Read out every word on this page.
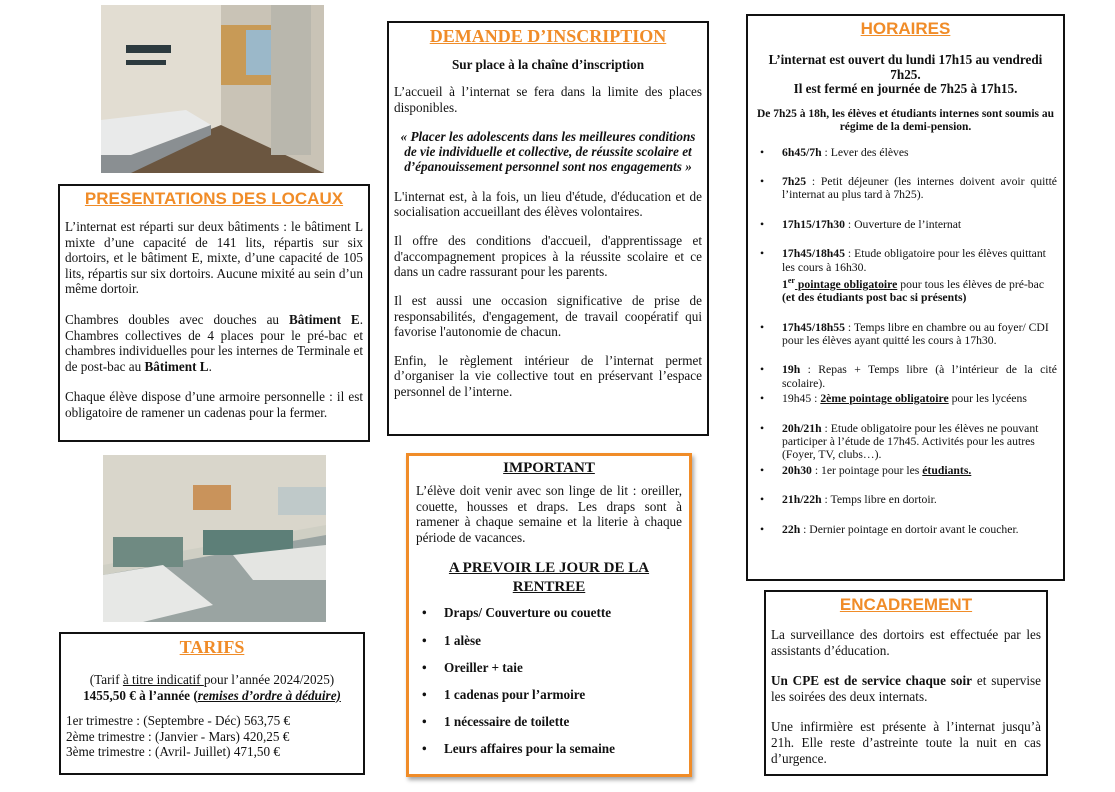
PRESENTATIONS DES LOCAUX

L’internat est réparti sur deux bâtiments : le bâtiment L mixte d’une capacité de 141 lits, répartis sur six dortoirs, et le bâtiment E, mixte, d’une capacité de 105 lits, répartis sur six dortoirs. Aucune mixité au sein d’un même dortoir.

Chambres doubles avec douches au Bâtiment E. Chambres collectives de 4 places pour le pré-bac et chambres individuelles pour les internes de Terminale et de post-bac au Bâtiment L.

Chaque élève dispose d’une armoire personnelle : il est obligatoire de ramener un cadenas pour la fermer.

TARIFS

(Tarif à titre indicatif pour l’année 2024/2025)

1455,50 € à l’année (remises d’ordre à déduire)

1er trimestre : (Septembre - Déc) 563,75 €

2ème trimestre : (Janvier - Mars) 420,25 €

3ème trimestre : (Avril- Juillet) 471,50 €

DEMANDE D’INSCRIPTION

Sur place à la chaîne d’inscription

L’accueil à l’internat se fera dans la limite des places disponibles.

« Placer les adolescents dans les meilleures conditions de vie individuelle et collective, de réussite scolaire et d’épanouissement personnel sont nos engagements »

L'internat est, à la fois, un lieu d'étude, d'éducation et de socialisation accueillant des élèves volontaires.

Il offre des conditions d'accueil, d'apprentissage et d'accompagnement propices à la réussite scolaire et ce dans un cadre rassurant pour les parents.

Il est aussi une occasion significative de prise de responsabilités, d'engagement, de travail coopératif qui favorise l'autonomie de chacun.

Enfin, le règlement intérieur de l’internat permet d’organiser la vie collective tout en préservant l’espace personnel de l’interne.

IMPORTANT

L’élève doit venir avec son linge de lit : oreiller, couette, housses et draps. Les draps sont à ramener à chaque semaine et la literie à chaque période de vacances.

A PREVOIR LE JOUR DE LA RENTREE
• Draps/ Couverture ou couette
• 1 alèse
• Oreiller + taie
• 1 cadenas pour l’armoire
• 1 nécessaire de toilette
• Leurs affaires pour la semaine
HORAIRES

L’internat est ouvert du lundi 17h15 au vendredi 7h25.

Il est fermé en journée de 7h25 à 17h15.

De 7h25 à 18h, les élèves et étudiants internes sont soumis au régime de la demi-pension.

• 6h45/7h : Lever des élèves
• 7h25 : Petit déjeuner (les internes doivent avoir quitté l’internat au plus tard à 7h25).
• 17h15/17h30 : Ouverture de l’internat
• 17h45/18h45 : Etude obligatoire pour les élèves quittant les cours à 16h30.
1er pointage obligatoire pour tous les élèves de pré-bac (et des étudiants post bac si présents)
• 17h45/18h55 : Temps libre en chambre ou au foyer/ CDI pour les élèves ayant quitté les cours à 17h30.
• 19h : Repas + Temps libre (à l’intérieur de la cité scolaire).
• 19h45 : 2ème pointage obligatoire pour les lycéens
• 20h/21h : Etude obligatoire pour les élèves ne pouvant participer à l’étude de 17h45. Activités pour les autres (Foyer, TV, clubs…).
• 20h30 : 1er pointage pour les étudiants.
• 21h/22h : Temps libre en dortoir.
• 22h : Dernier pointage en dortoir avant le coucher.
ENCADREMENT

La surveillance des dortoirs est effectuée par les assistants d’éducation.

Un CPE est de service chaque soir et supervise les soirées des deux internats.

Une infirmière est présente à l’internat jusqu’à 21h. Elle reste d’astreinte toute la nuit en cas d’urgence.
